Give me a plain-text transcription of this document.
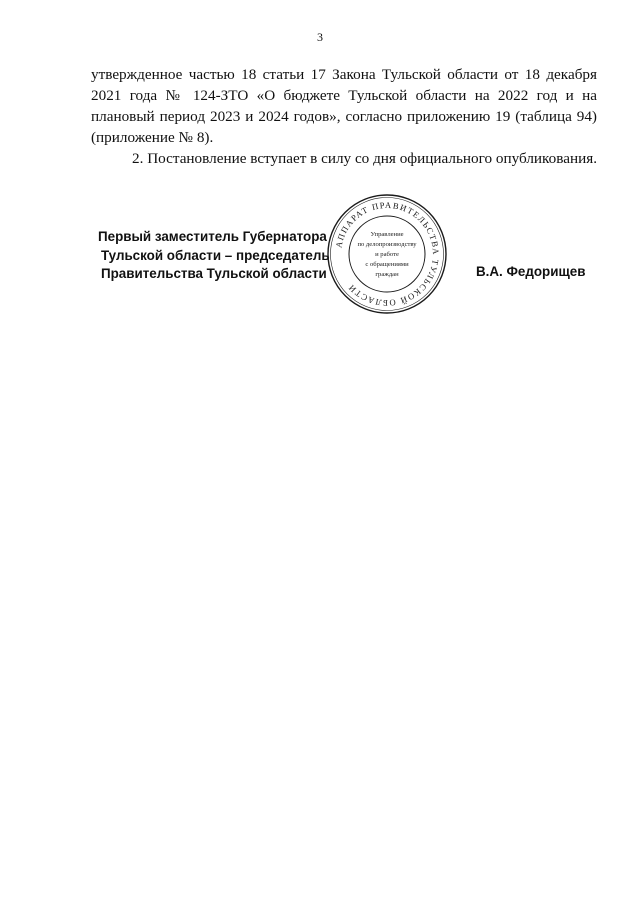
3

утвержденное частью 18 статьи 17 Закона Тульской области от 18 декабря 2021 года № 124-ЗТО «О бюджете Тульской области на 2022 год и на плановый период 2023 и 2024 годов», согласно приложению 19 (таблица 94) (приложение № 8).

2. Постановление вступает в силу со дня официального опубликования.

Первый заместитель Губернатора
Тульской области – председатель
Правительства Тульской области	В.А. Федорищев
АППАРАТ ПРАВИТЕЛЬСТВА ТУЛЬСКОЙ ОБЛАСТИ
Управление
по делопроизводству
и работе
с обращениями
граждан
